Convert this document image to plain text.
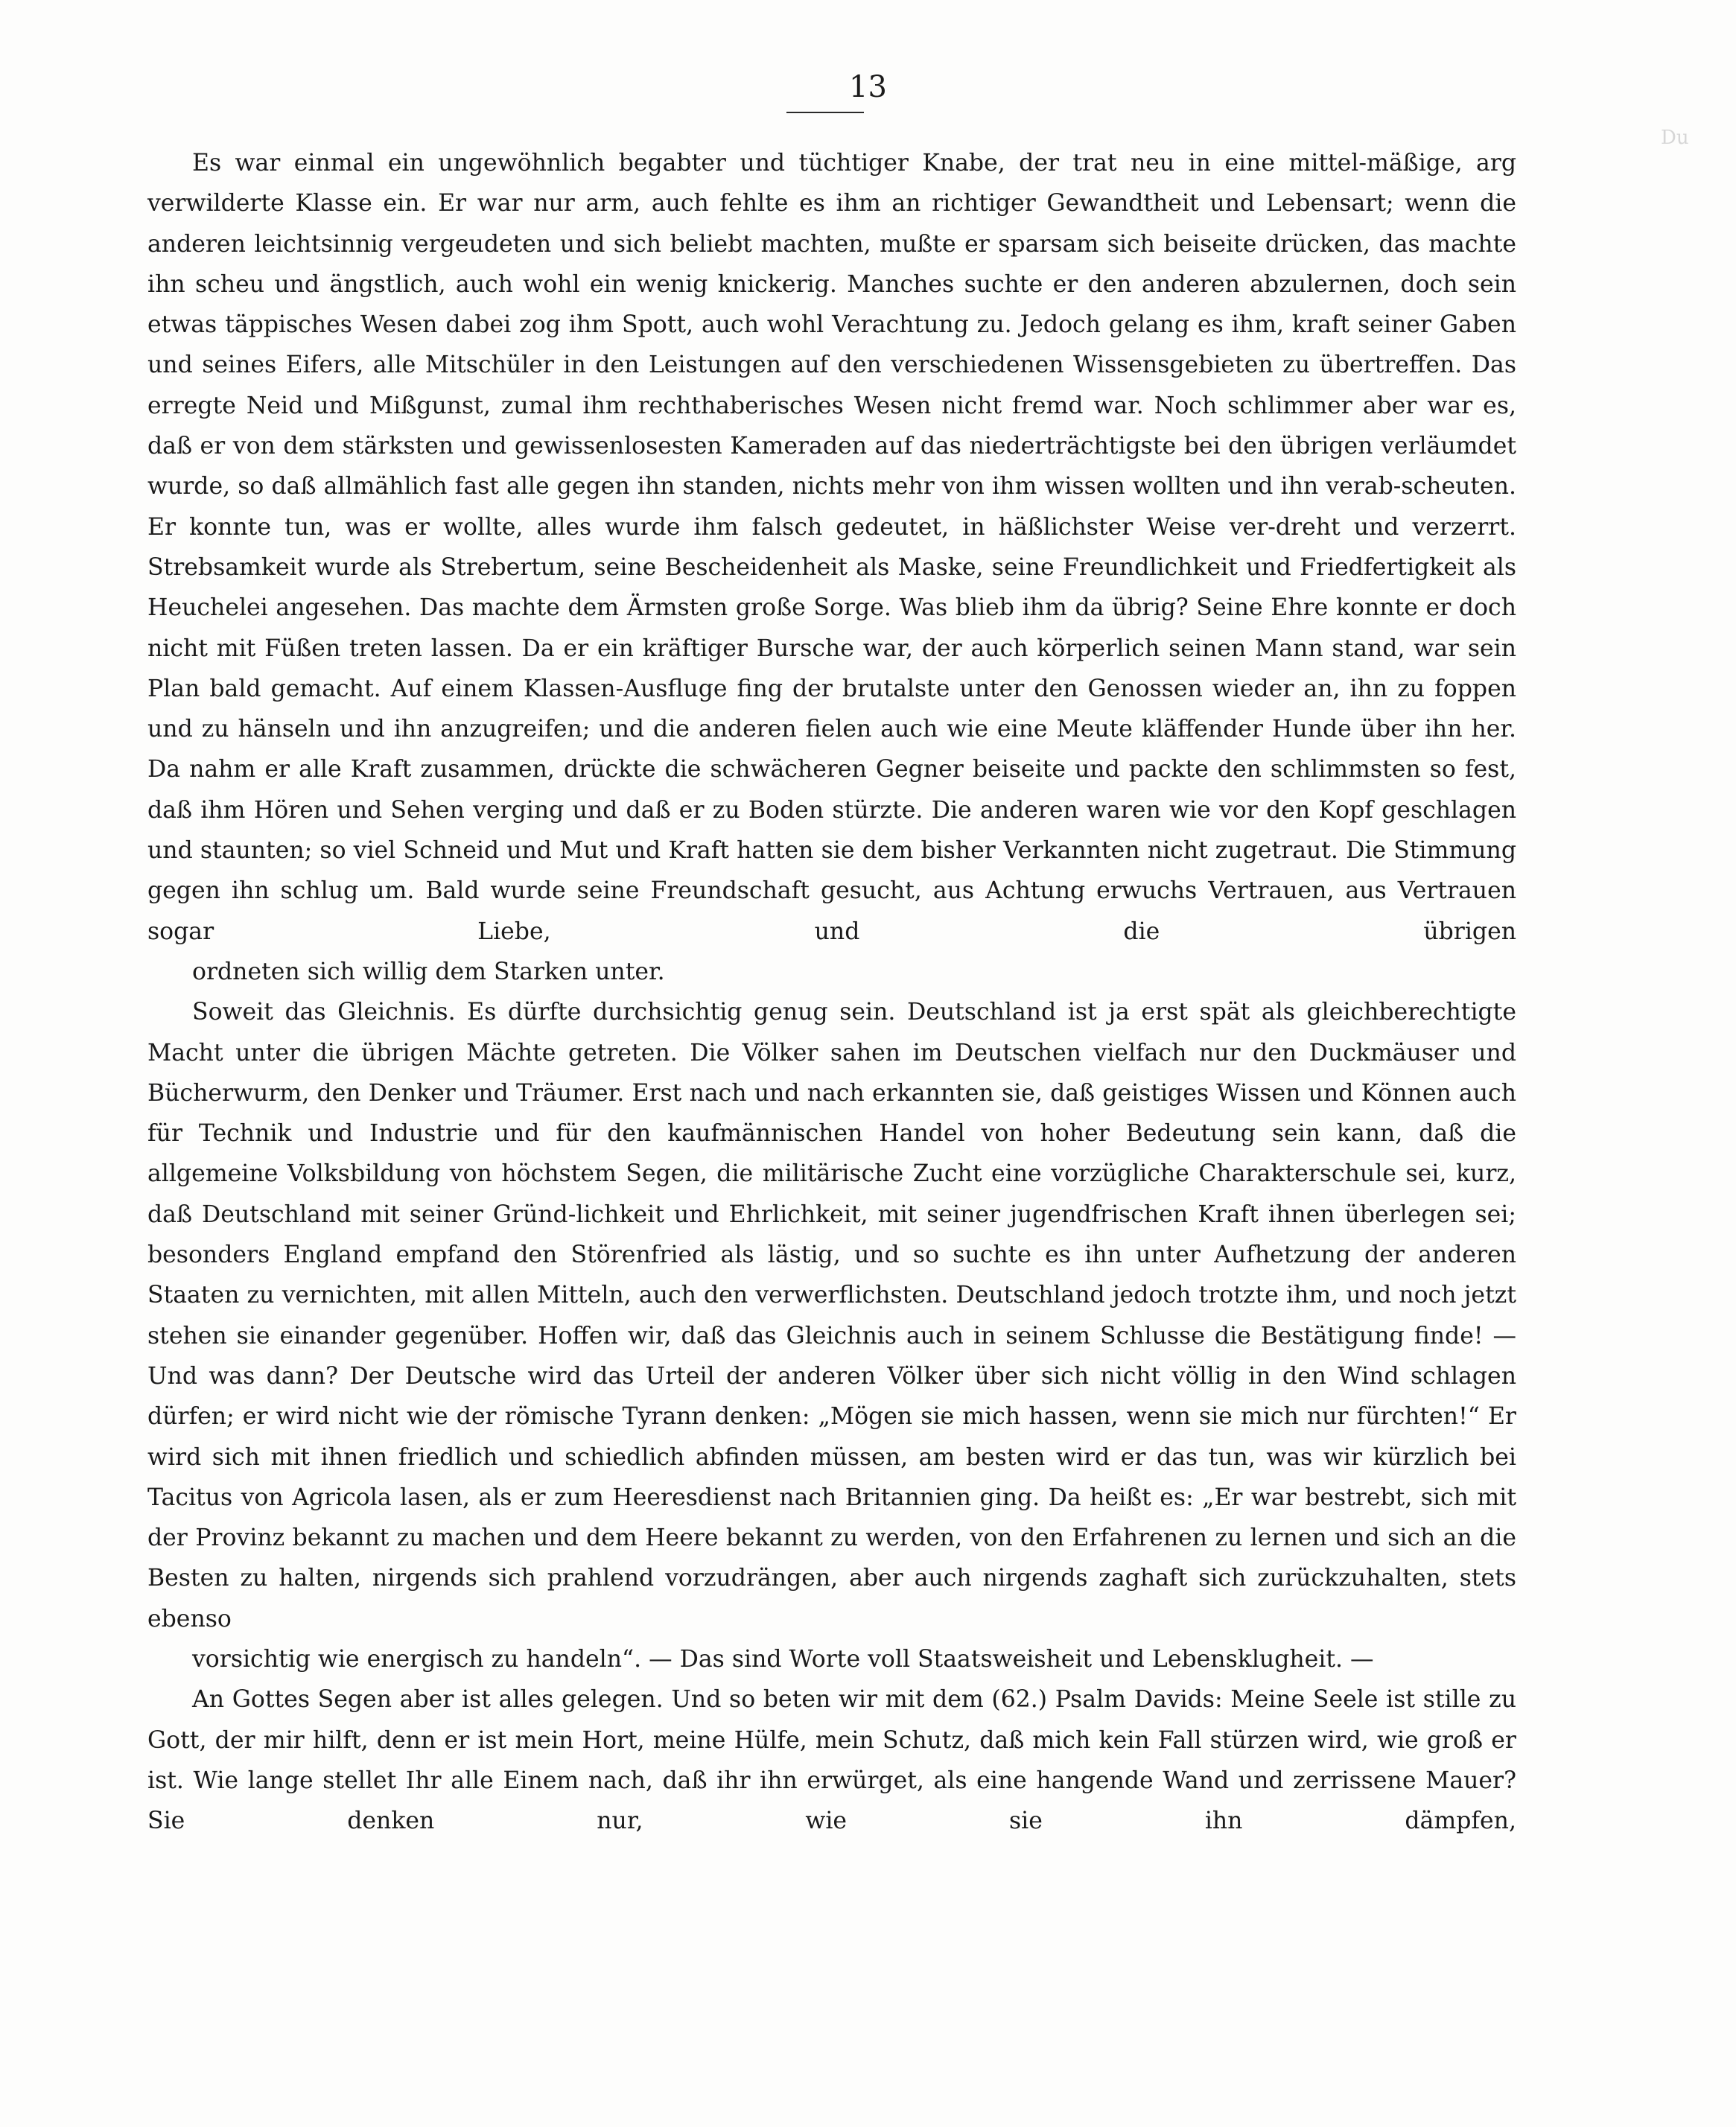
Du
13

Es war einmal ein ungewöhnlich begabter und tüchtiger Knabe, der trat neu in eine mittel-mäßige, arg verwilderte Klasse ein. Er war nur arm, auch fehlte es ihm an richtiger Gewandtheit und Lebensart; wenn die anderen leichtsinnig vergeudeten und sich beliebt machten, mußte er sparsam sich beiseite drücken, das machte ihn scheu und ängstlich, auch wohl ein wenig knickerig. Manches suchte er den anderen abzulernen, doch sein etwas täppisches Wesen dabei zog ihm Spott, auch wohl Verachtung zu. Jedoch gelang es ihm, kraft seiner Gaben und seines Eifers, alle Mitschüler in den Leistungen auf den verschiedenen Wissensgebieten zu übertreffen. Das erregte Neid und Mißgunst, zumal ihm rechthaberisches Wesen nicht fremd war. Noch schlimmer aber war es, daß er von dem stärksten und gewissenlosesten Kameraden auf das niederträchtigste bei den übrigen verläumdet wurde, so daß allmählich fast alle gegen ihn standen, nichts mehr von ihm wissen wollten und ihn verab-scheuten. Er konnte tun, was er wollte, alles wurde ihm falsch gedeutet, in häßlichster Weise ver-dreht und verzerrt. Strebsamkeit wurde als Strebertum, seine Bescheidenheit als Maske, seine Freundlichkeit und Friedfertigkeit als Heuchelei angesehen. Das machte dem Ärmsten große Sorge. Was blieb ihm da übrig? Seine Ehre konnte er doch nicht mit Füßen treten lassen. Da er ein kräftiger Bursche war, der auch körperlich seinen Mann stand, war sein Plan bald gemacht. Auf einem Klassen-Ausfluge fing der brutalste unter den Genossen wieder an, ihn zu foppen und zu hänseln und ihn anzugreifen; und die anderen fielen auch wie eine Meute kläffender Hunde über ihn her. Da nahm er alle Kraft zusammen, drückte die schwächeren Gegner beiseite und packte den schlimmsten so fest, daß ihm Hören und Sehen verging und daß er zu Boden stürzte. Die anderen waren wie vor den Kopf geschlagen und staunten; so viel Schneid und Mut und Kraft hatten sie dem bisher Verkannten nicht zugetraut. Die Stimmung gegen ihn schlug um. Bald wurde seine Freundschaft gesucht, aus Achtung erwuchs Vertrauen, aus Vertrauen sogar Liebe, und die übrigen
ordneten sich willig dem Starken unter.

Soweit das Gleichnis. Es dürfte durchsichtig genug sein. Deutschland ist ja erst spät als gleichberechtigte Macht unter die übrigen Mächte getreten. Die Völker sahen im Deutschen vielfach nur den Duckmäuser und Bücherwurm, den Denker und Träumer. Erst nach und nach erkannten sie, daß geistiges Wissen und Können auch für Technik und Industrie und für den kaufmännischen Handel von hoher Bedeutung sein kann, daß die allgemeine Volksbildung von höchstem Segen, die militärische Zucht eine vorzügliche Charakterschule sei, kurz, daß Deutschland mit seiner Gründ-lichkeit und Ehrlichkeit, mit seiner jugendfrischen Kraft ihnen überlegen sei; besonders England empfand den Störenfried als lästig, und so suchte es ihn unter Aufhetzung der anderen Staaten zu vernichten, mit allen Mitteln, auch den verwerflichsten. Deutschland jedoch trotzte ihm, und noch jetzt stehen sie einander gegenüber. Hoffen wir, daß das Gleichnis auch in seinem Schlusse die Bestätigung finde! — Und was dann? Der Deutsche wird das Urteil der anderen Völker über sich nicht völlig in den Wind schlagen dürfen; er wird nicht wie der römische Tyrann denken: „Mögen sie mich hassen, wenn sie mich nur fürchten!“ Er wird sich mit ihnen friedlich und schiedlich abfinden müssen, am besten wird er das tun, was wir kürzlich bei Tacitus von Agricola lasen, als er zum Heeresdienst nach Britannien ging. Da heißt es: „Er war bestrebt, sich mit der Provinz bekannt zu machen und dem Heere bekannt zu werden, von den Erfahrenen zu lernen und sich an die Besten zu halten, nirgends sich prahlend vorzudrängen, aber auch nirgends zaghaft sich zurückzuhalten, stets ebenso
vorsichtig wie energisch zu handeln“. — Das sind Worte voll Staatsweisheit und Lebensklugheit. —

An Gottes Segen aber ist alles gelegen. Und so beten wir mit dem (62.) Psalm Davids: Meine Seele ist stille zu Gott, der mir hilft, denn er ist mein Hort, meine Hülfe, mein Schutz, daß mich kein Fall stürzen wird, wie groß er ist. Wie lange stellet Ihr alle Einem nach, daß ihr ihn erwürget, als eine hangende Wand und zerrissene Mauer? Sie denken nur, wie sie ihn dämpfen,
